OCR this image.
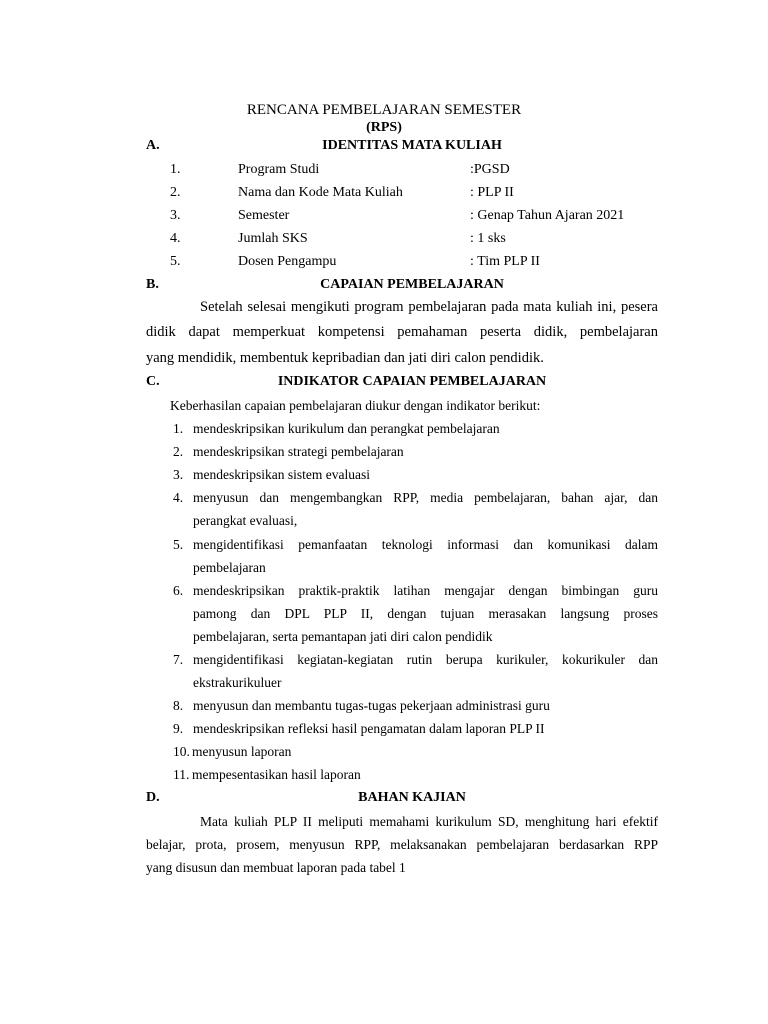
RENCANA PEMBELAJARAN SEMESTER
(RPS)
A.	IDENTITAS MATA KULIAH
1.	Program Studi	:PGSD
2.	Nama dan Kode Mata Kuliah	: PLP II
3.	Semester	: Genap Tahun Ajaran 2021
4.	Jumlah SKS	: 1 sks
5.	Dosen Pengampu	: Tim PLP II
B.	CAPAIAN PEMBELAJARAN
Setelah selesai mengikuti program pembelajaran pada mata kuliah ini, pesera
didik dapat memperkuat kompetensi pemahaman peserta didik, pembelajaran
yang mendidik, membentuk kepribadian dan jati diri calon pendidik.
C.	INDIKATOR CAPAIAN PEMBELAJARAN
Keberhasilan capaian pembelajaran diukur dengan indikator berikut:
1. mendeskripsikan kurikulum dan perangkat pembelajaran
2. mendeskripsikan strategi pembelajaran
3. mendeskripsikan sistem evaluasi
4. menyusun dan mengembangkan RPP, media pembelajaran, bahan ajar, dan
perangkat evaluasi,
5. mengidentifikasi pemanfaatan teknologi informasi dan komunikasi dalam
pembelajaran
6. mendeskripsikan praktik-praktik latihan mengajar dengan bimbingan guru
pamong dan DPL PLP II, dengan tujuan merasakan langsung proses
pembelajaran, serta pemantapan jati diri calon pendidik
7. mengidentifikasi kegiatan-kegiatan rutin berupa kurikuler, kokurikuler dan
ekstrakurikuluer
8. menyusun dan membantu tugas-tugas pekerjaan administrasi guru
9. mendeskripsikan refleksi hasil pengamatan dalam laporan PLP II
10. menyusun laporan
11. mempesentasikan hasil laporan
D.	BAHAN KAJIAN
Mata kuliah PLP II meliputi memahami kurikulum SD, menghitung hari efektif
belajar, prota, prosem, menyusun RPP, melaksanakan pembelajaran berdasarkan RPP
yang disusun dan membuat laporan pada tabel 1
